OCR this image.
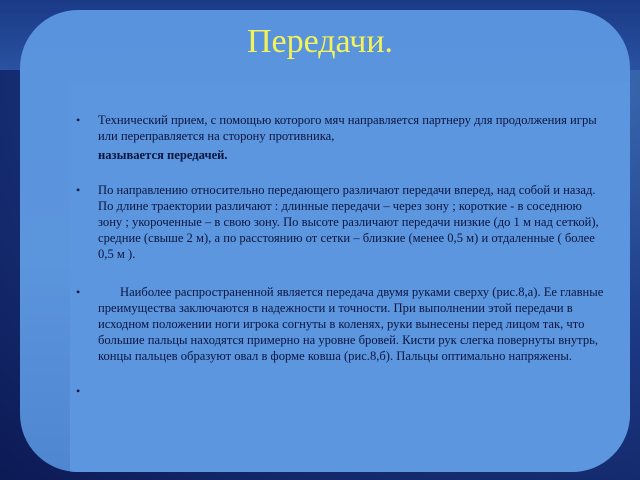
Передачи.
• Технический прием, с помощью которого мяч направляется партнеру для продолжения игры или переправляется на сторону противника,

называется передачей.

• По направлению относительно передающего различают передачи вперед, над собой и назад. По длине траектории различают : длинные передачи – через зону ; короткие - в соседнюю зону ; укороченные – в свою зону. По высоте различают передачи низкие (до 1 м над сеткой), средние (свыше 2 м), а по расстоянию от сетки – близкие (менее 0,5 м) и отдаленные ( более 0,5 м ).

•	Наиболее распространенной является передача двумя руками сверху (рис.8,а). Ее главные преимущества заключаются в надежности и точности. При выполнении этой передачи в исходном положении ноги игрока согнуты в коленях, руки вынесены перед лицом так, что большие пальцы находятся примерно на уровне бровей. Кисти рук слегка повернуты внутрь, концы пальцев образуют овал в форме ковша (рис.8,б). Пальцы оптимально напряжены.

•
